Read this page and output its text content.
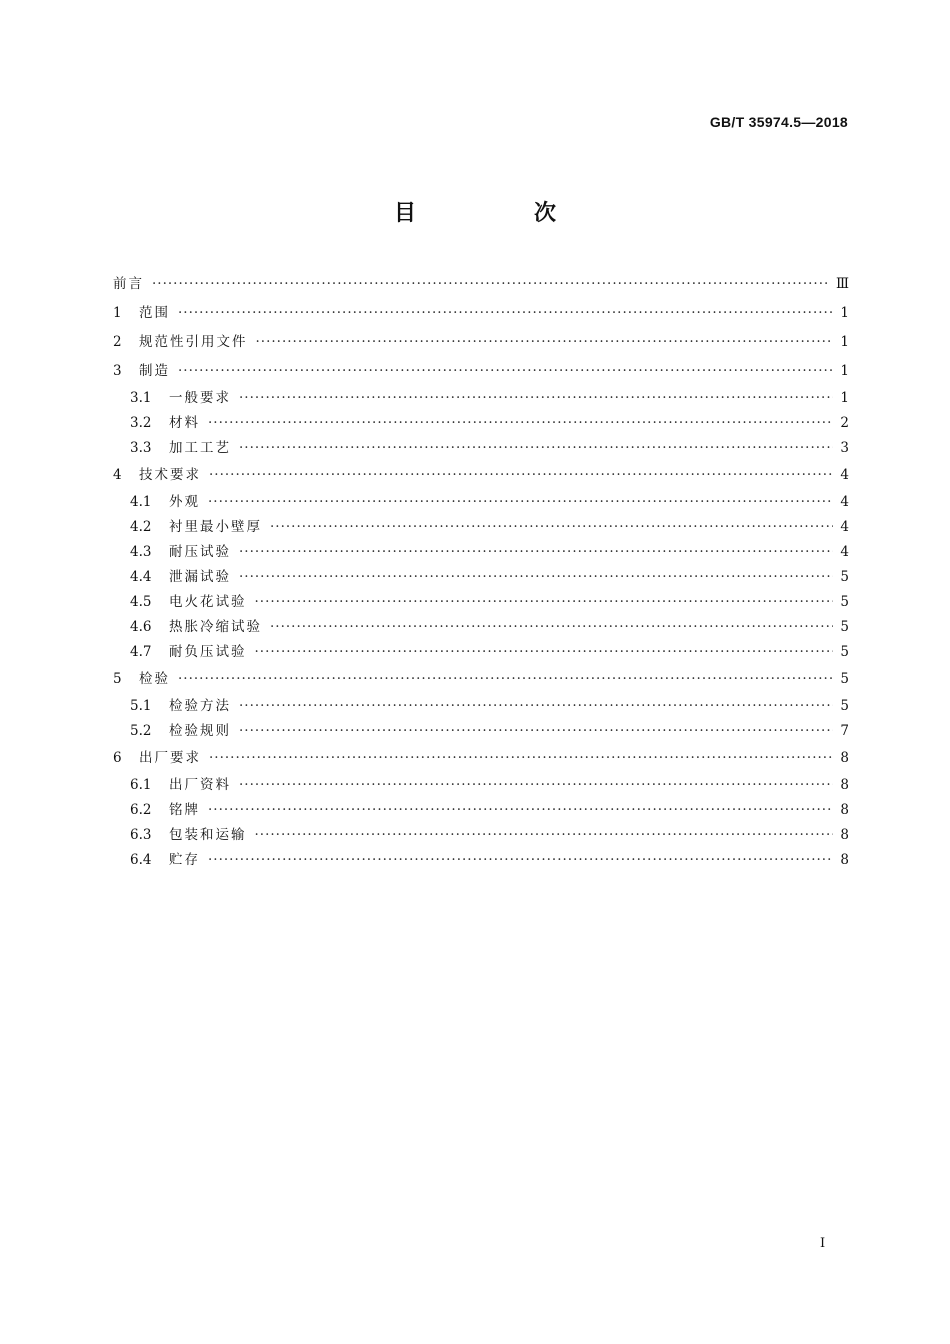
GB/T 35974.5—2018
目　次
前言 ·····	Ⅲ
1	范围 ·····	1
2	规范性引用文件 ·····	1
3	制造 ·····	1
3.1	一般要求 ·····	1
3.2	材料 ·····	2
3.3	加工工艺 ·····	3
4	技术要求 ·····	4
4.1	外观 ·····	4
4.2	衬里最小壁厚 ·····	4
4.3	耐压试验 ·····	4
4.4	泄漏试验 ·····	5
4.5	电火花试验 ·····	5
4.6	热胀冷缩试验 ·····	5
4.7	耐负压试验 ·····	5
5	检验 ·····	5
5.1	检验方法 ·····	5
5.2	检验规则 ·····	7
6	出厂要求 ·····	8
6.1	出厂资料 ·····	8
6.2	铭牌 ·····	8
6.3	包装和运输 ·····	8
6.4	贮存 ·····	8
I
